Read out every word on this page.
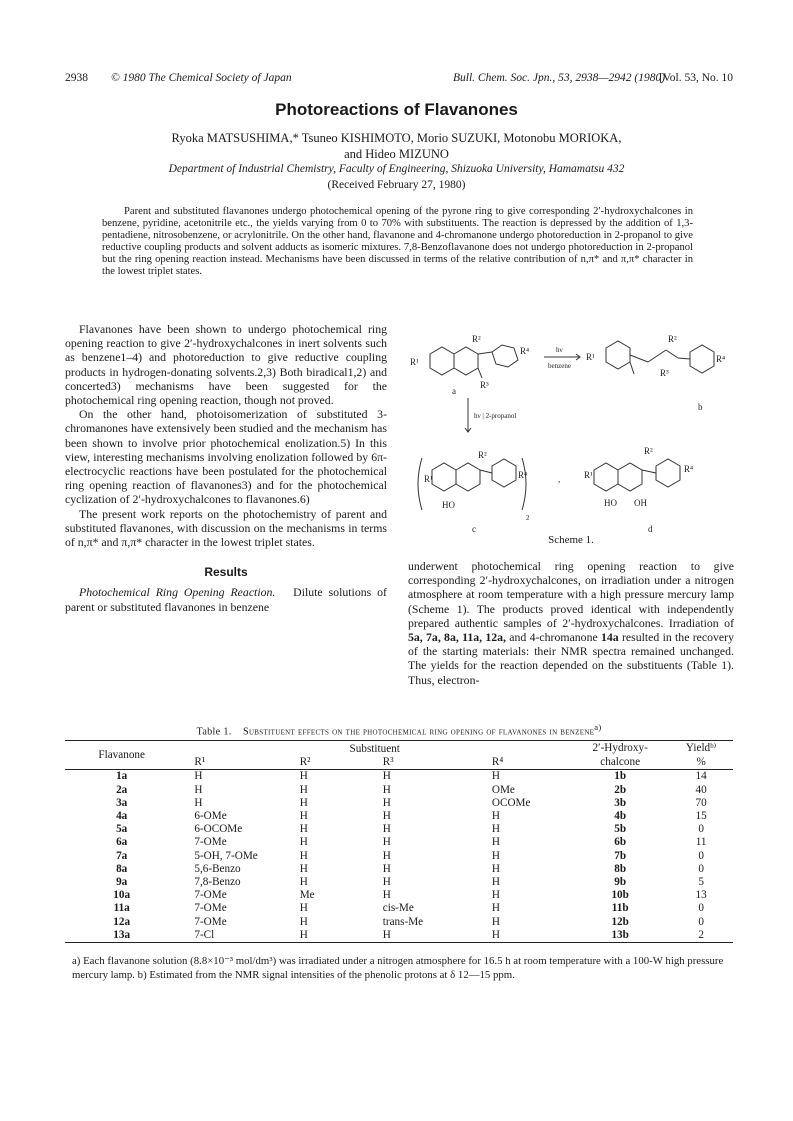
2938 © 1980 The Chemical Society of Japan	Bull. Chem. Soc. Jpn., 53, 2938—2942 (1980)
[Vol. 53, No. 10
Photoreactions of Flavanones
Ryoka MATSUSHIMA,* Tsuneo KISHIMOTO, Morio SUZUKI, Motonobu MORIOKA,
and Hideo MIZUNO
Department of Industrial Chemistry, Faculty of Engineering, Shizuoka University, Hamamatsu 432
(Received February 27, 1980)

Parent and substituted flavanones undergo photochemical opening of the pyrone ring to give corresponding 2′-hydroxychalcones in benzene, pyridine, acetonitrile etc., the yields varying from 0 to 70% with substituents. The reaction is depressed by the addition of 1,3-pentadiene, nitrosobenzene, or acrylonitrile. On the other hand, flavanone and 4-chromanone undergo photoreduction in 2-propanol to give reductive coupling products and solvent adducts as isomeric mixtures. 7,8-Benzoflavanone does not undergo photoreduction in 2-propanol but the ring opening reaction instead. Mechanisms have been discussed in terms of the relative contribution of n,π* and π,π* character in the lowest triplet states.

Flavanones have been shown to undergo photochemical ring opening reaction to give 2′-hydroxychalcones in inert solvents such as benzene1–4) and photoreduction to give reductive coupling products in hydrogen-donating solvents.2,3) Both biradical1,2) and concerted3) mechanisms have been suggested for the photochemical ring opening reaction, though not proved.

On the other hand, photoisomerization of substituted 3-chromanones have extensively been studied and the mechanism has been shown to involve prior photochemical enolization.5) In this view, interesting mechanisms involving enolization followed by 6π-electrocyclic reactions have been postulated for the photochemical ring opening reaction of flavanones3) and for the photochemical cyclization of 2′-hydroxychalcones to flavanones.6)

The present work reports on the photochemistry of parent and substituted flavanones, with discussion on the mechanisms in terms of n,π* and π,π* character in the lowest triplet states.

Results

Photochemical Ring Opening Reaction. Dilute solutions of parent or substituted flavanones in benzene

R¹
R²
R⁴
R³
a
hν
benzene
R¹
R²
R³
R⁴
b
hν | 2-propanol
R¹
R²
R⁴
HO
2
c
,	R¹
R²
R⁴
HO OH
d
Scheme 1.

underwent photochemical ring opening reaction to give corresponding 2′-hydroxychalcones, on irradiation under a nitrogen atmosphere at room temperature with a high pressure mercury lamp (Scheme 1). The products proved identical with independently prepared authentic samples of 2′-hydroxychalcones. Irradiation of 5a, 7a, 8a, 11a, 12a, and 4-chromanone 14a resulted in the recovery of the starting materials: their NMR spectra remained unchanged. The yields for the reaction depended on the substituents (Table 1). Thus, electron-

Table 1. Substituent effects on the photochemical ring opening of flavanones in benzene$^{a)}$
Flavanone	Substituent				2′-Hydroxy-	Yieldᵇ⁾
	R¹	R²	R³	R⁴	chalcone	%
1a	H	H	H	H	1b	14
2a	H	H	H	OMe	2b	40
3a	H	H	H	OCOMe	3b	70
4a	6-OMe	H	H	H	4b	15
5a	6-OCOMe	H	H	H	5b	0
6a	7-OMe	H	H	H	6b	11
7a	5-OH, 7-OMe	H	H	H	7b	0
8a	5,6-Benzo	H	H	H	8b	0
9a	7,8-Benzo	H	H	H	9b	5
10a	7-OMe	Me	H	H	10b	13
11a	7-OMe	H	cis-Me	H	11b	0
12a	7-OMe	H	trans-Me	H	12b	0
13a	7-Cl	H	H	H	13b	2
a) Each flavanone solution (8.8×10⁻³ mol/dm³) was irradiated under a nitrogen atmosphere for 16.5 h at room temperature with a 100-W high pressure mercury lamp. b) Estimated from the NMR signal intensities of the phenolic protons at δ 12—15 ppm.
